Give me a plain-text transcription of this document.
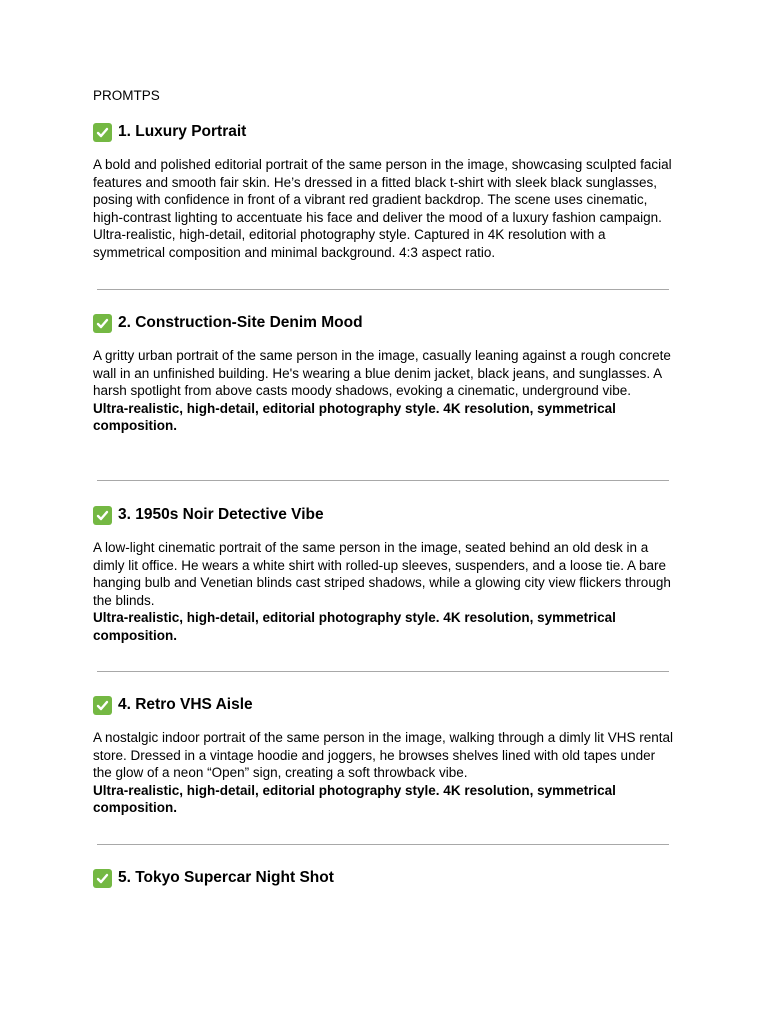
PROMTPS
1. Luxury Portrait

A bold and polished editorial portrait of the same person in the image, showcasing sculpted facial features and smooth fair skin. He’s dressed in a fitted black t-shirt with sleek black sunglasses, posing with confidence in front of a vibrant red gradient backdrop. The scene uses cinematic, high-contrast lighting to accentuate his face and deliver the mood of a luxury fashion campaign. Ultra-realistic, high-detail, editorial photography style. Captured in 4K resolution with a symmetrical composition and minimal background. 4:3 aspect ratio.

2. Construction-Site Denim Mood

A gritty urban portrait of the same person in the image, casually leaning against a rough concrete wall in an unfinished building. He's wearing a blue denim jacket, black jeans, and sunglasses. A harsh spotlight from above casts moody shadows, evoking a cinematic, underground vibe.

Ultra-realistic, high-detail, editorial photography style. 4K resolution, symmetrical composition.

3. 1950s Noir Detective Vibe

A low-light cinematic portrait of the same person in the image, seated behind an old desk in a dimly lit office. He wears a white shirt with rolled-up sleeves, suspenders, and a loose tie. A bare hanging bulb and Venetian blinds cast striped shadows, while a glowing city view flickers through the blinds.

Ultra-realistic, high-detail, editorial photography style. 4K resolution, symmetrical composition.

4. Retro VHS Aisle

A nostalgic indoor portrait of the same person in the image, walking through a dimly lit VHS rental store. Dressed in a vintage hoodie and joggers, he browses shelves lined with old tapes under the glow of a neon “Open” sign, creating a soft throwback vibe.

Ultra-realistic, high-detail, editorial photography style. 4K resolution, symmetrical composition.

5. Tokyo Supercar Night Shot
